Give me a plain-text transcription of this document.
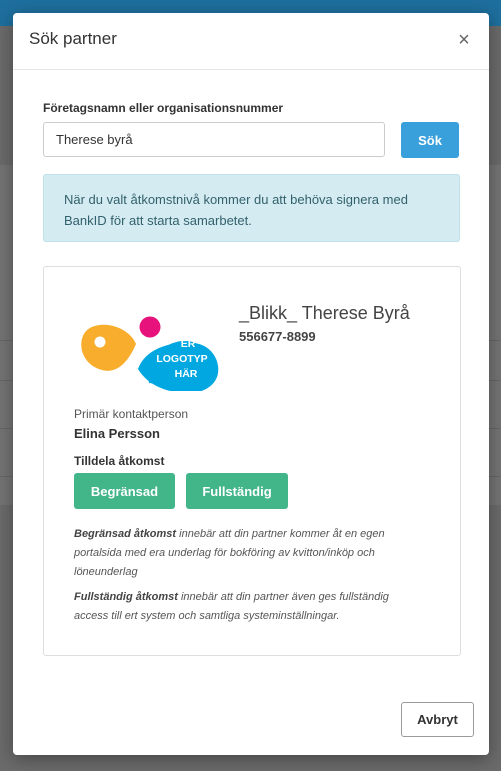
Sök partner	×
Företagsnamn eller organisationsnummer
Therese byrå
Sök
När du valt åtkomstnivå kommer du att behöva signera med BankID för att starta samarbetet.
ER
LOGOTYP
HÄR
_Blikk_ Therese Byrå
556677-8899
Primär kontaktperson
Elina Persson
Tilldela åtkomst
Begränsad	Fullständig
Begränsad åtkomst innebär att din partner kommer åt en egen portalsida med era underlag för bokföring av kvitton/inköp och löneunderlag
Fullständig åtkomst innebär att din partner även ges fullständig access till ert system och samtliga systeminställningar.
Avbryt
